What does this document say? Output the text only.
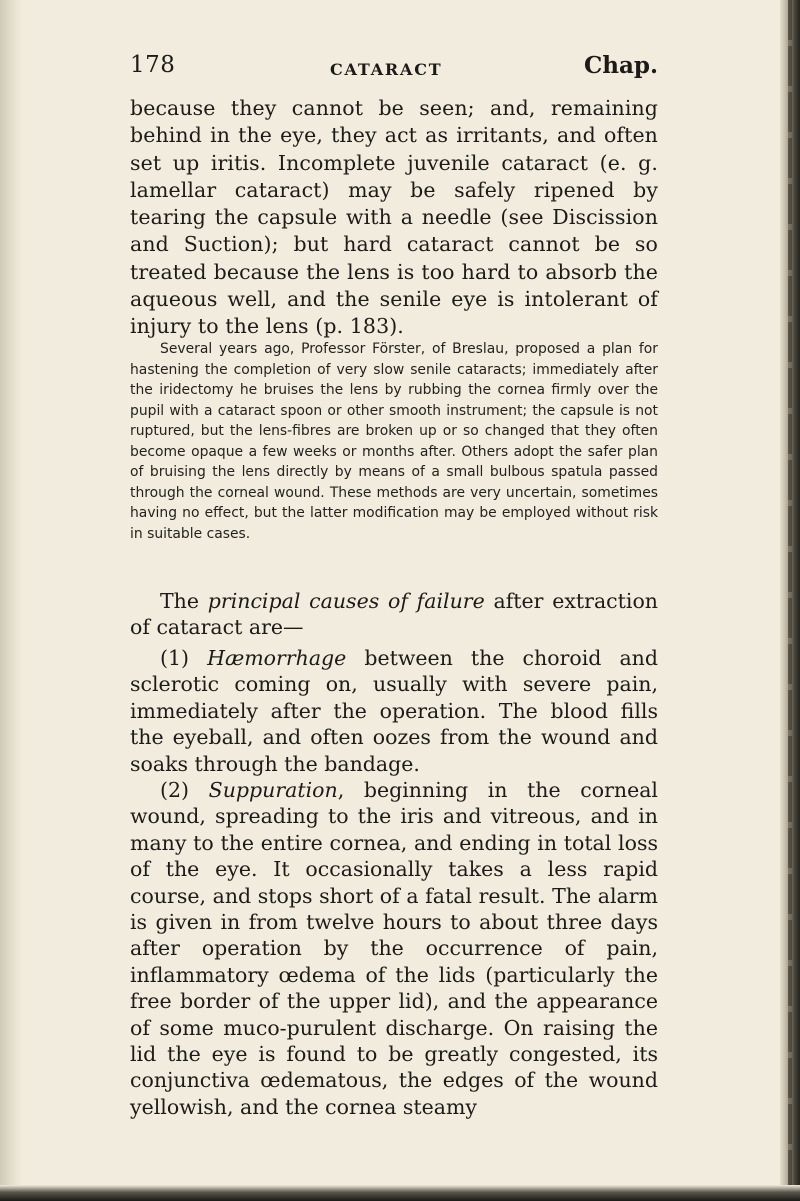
178	CATARACT	Chap.

because they cannot be seen; and, remaining behind in the eye, they act as irritants, and often set up iritis. Incomplete juvenile cataract (e. g. lamellar cataract) may be safely ripened by tearing the capsule with a needle (see Discission and Suction); but hard cataract cannot be so treated because the lens is too hard to absorb the aqueous well, and the senile eye is intolerant of injury to the lens (p. 183).

Several years ago, Professor Förster, of Breslau, proposed a plan for hastening the completion of very slow senile cataracts; immediately after the iridectomy he bruises the lens by rubbing the cornea firmly over the pupil with a cataract spoon or other smooth instrument; the capsule is not ruptured, but the lens-fibres are broken up or so changed that they often become opaque a few weeks or months after. Others adopt the safer plan of bruising the lens directly by means of a small bulbous spatula passed through the corneal wound. These methods are very uncertain, sometimes having no effect, but the latter modification may be employed without risk in suitable cases.

The principal causes of failure after extraction of cataract are—

(1) Hæmorrhage between the choroid and sclerotic coming on, usually with severe pain, immediately after the operation. The blood fills the eyeball, and often oozes from the wound and soaks through the bandage.

(2) Suppuration, beginning in the corneal wound, spreading to the iris and vitreous, and in many to the entire cornea, and ending in total loss of the eye. It occasionally takes a less rapid course, and stops short of a fatal result. The alarm is given in from twelve hours to about three days after operation by the occurrence of pain, inflammatory œdema of the lids (particularly the free border of the upper lid), and the appearance of some muco-purulent discharge. On raising the lid the eye is found to be greatly congested, its conjunctiva œdematous, the edges of the wound yellowish, and the cornea steamy
